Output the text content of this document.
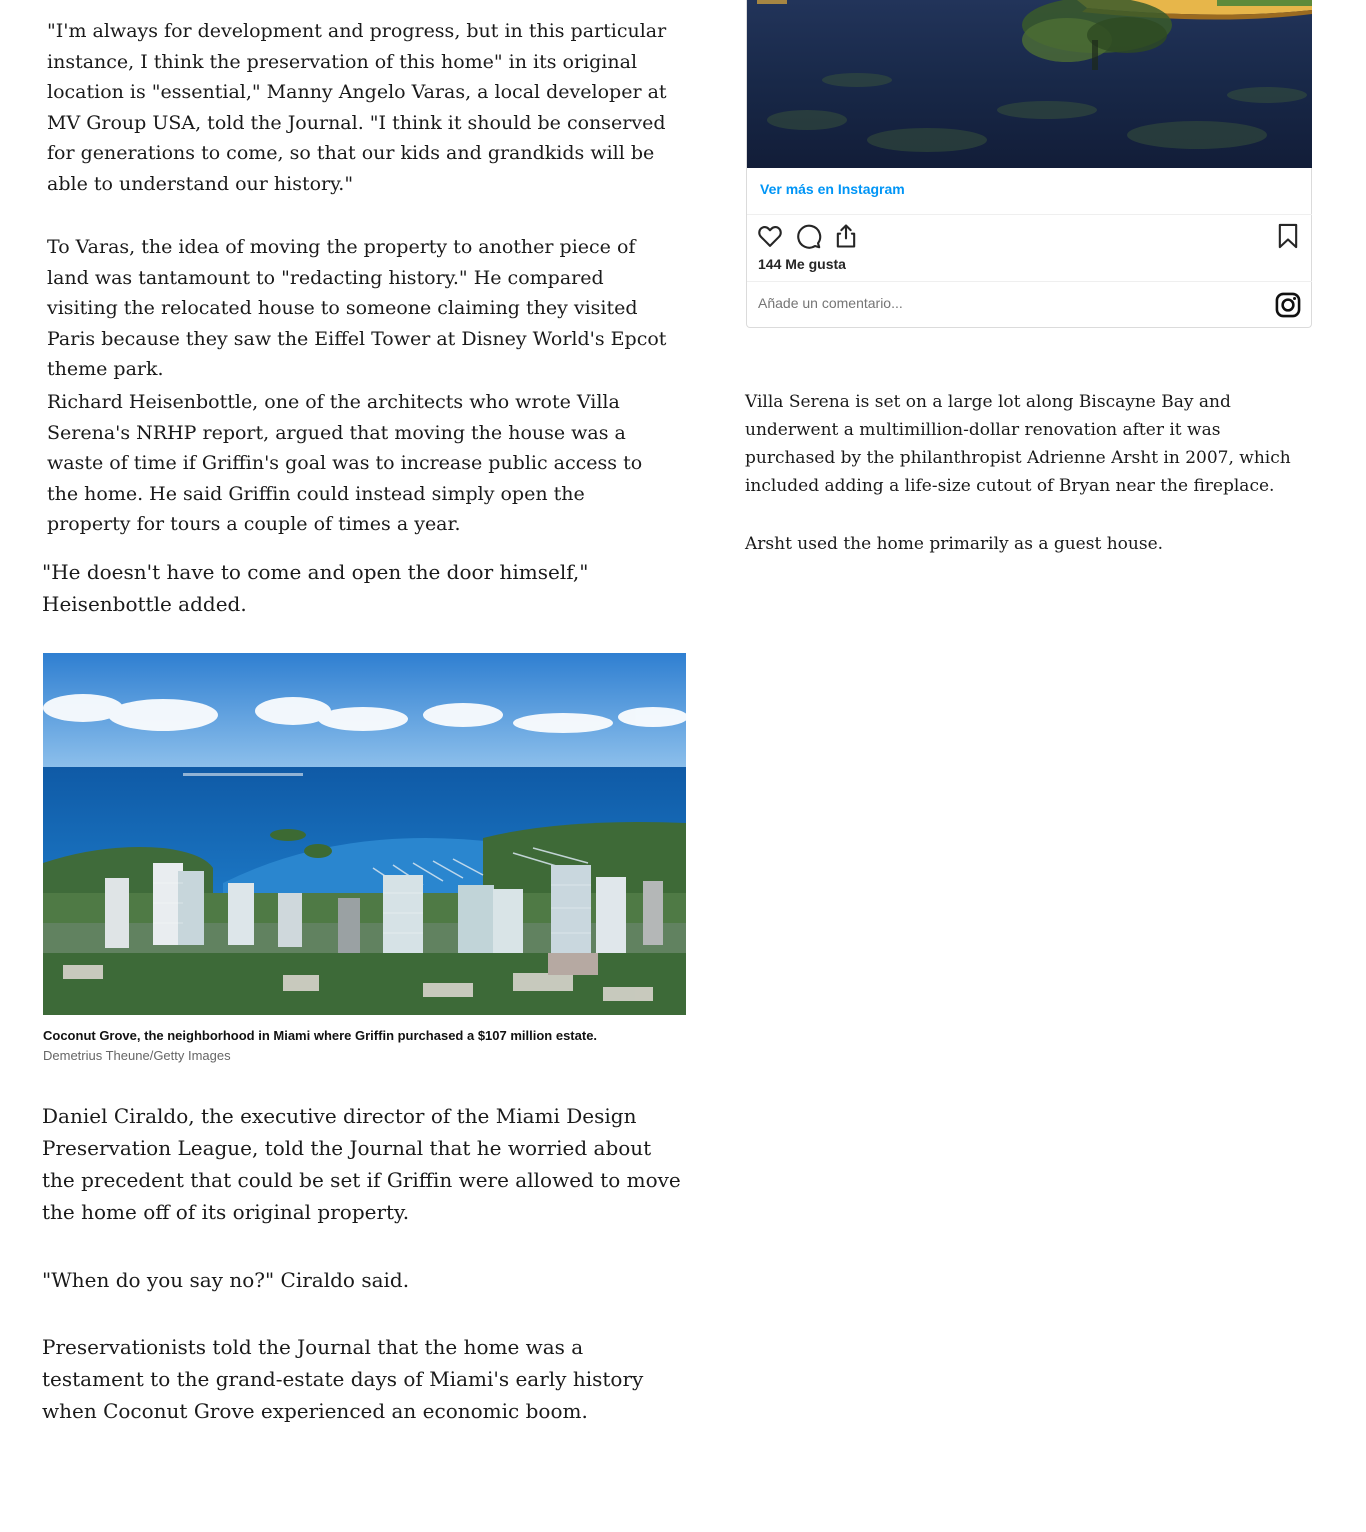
"I'm always for development and progress, but in this particular instance, I think the preservation of this home" in its original location is "essential," Manny Angelo Varas, a local developer at MV Group USA, told the Journal. "I think it should be conserved for generations to come, so that our kids and grandkids will be able to understand our history."

To Varas, the idea of moving the property to another piece of land was tantamount to "redacting history." He compared visiting the relocated house to someone claiming they visited Paris because they saw the Eiffel Tower at Disney World's Epcot theme park.

Richard Heisenbottle, one of the architects who wrote Villa Serena's NRHP report, argued that moving the house was a waste of time if Griffin's goal was to increase public access to the home. He said Griffin could instead simply open the property for tours a couple of times a year.

"He doesn't have to come and open the door himself," Heisenbottle added.

Ver más en Instagram
144 Me gusta
Añade un comentario...

Villa Serena is set on a large lot along Biscayne Bay and underwent a multimillion-dollar renovation after it was purchased by the philanthropist Adrienne Arsht in 2007, which included adding a life-size cutout of Bryan near the fireplace.

Arsht used the home primarily as a guest house.

Coconut Grove, the neighborhood in Miami where Griffin purchased a $107 million estate.
Demetrius Theune/Getty Images

Daniel Ciraldo, the executive director of the Miami Design Preservation League, told the Journal that he worried about the precedent that could be set if Griffin were allowed to move the home off of its original property.

"When do you say no?" Ciraldo said.

Preservationists told the Journal that the home was a testament to the grand-estate days of Miami's early history when Coconut Grove experienced an economic boom.
